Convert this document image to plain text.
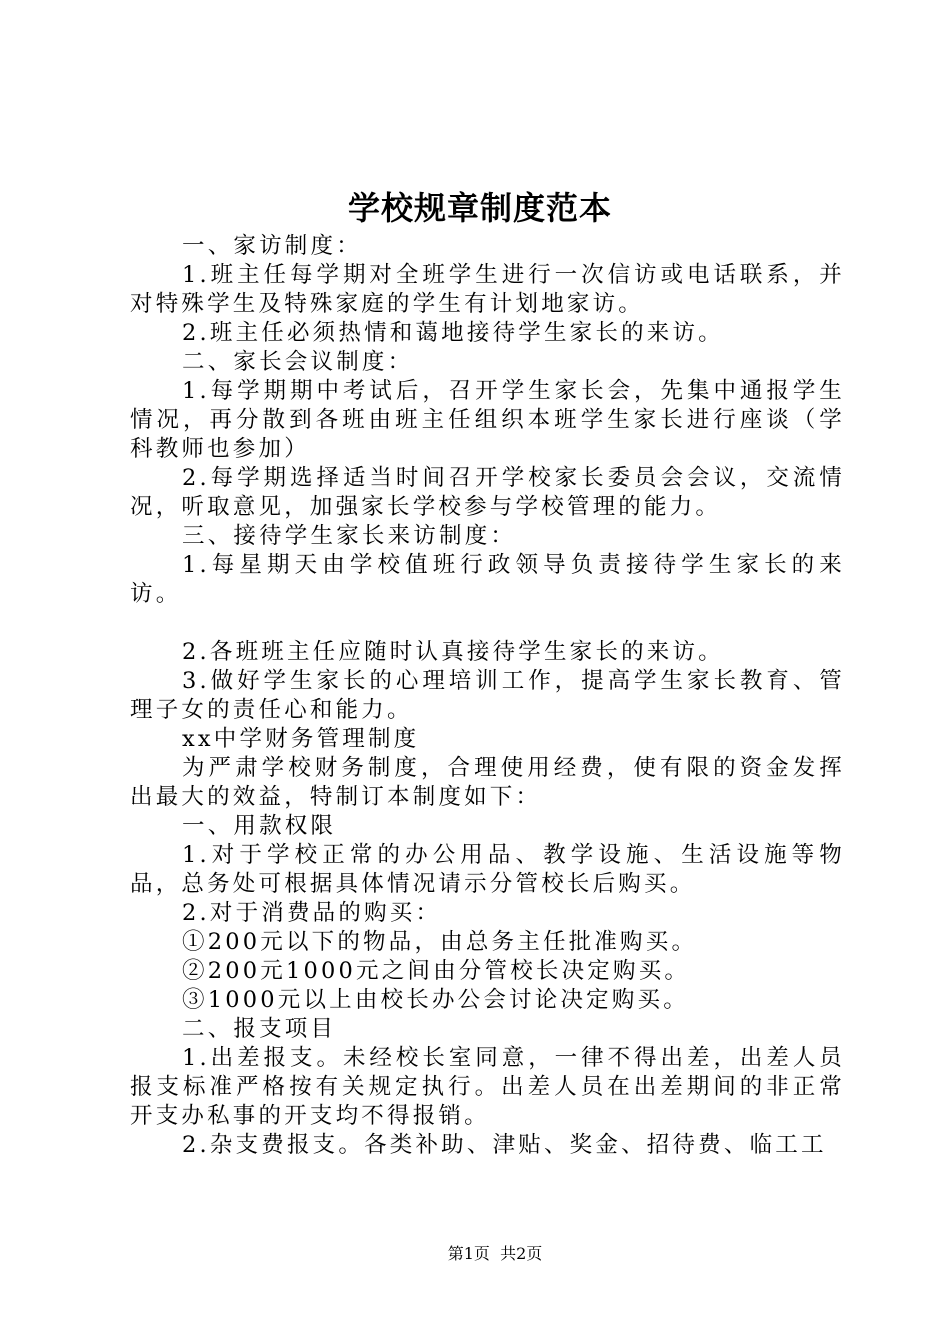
学校规章制度范本

一、家访制度：

1.班主任每学期对全班学生进行一次信访或电话联系，并对特殊学生及特殊家庭的学生有计划地家访。

2.班主任必须热情和蔼地接待学生家长的来访。

二、家长会议制度：

1.每学期期中考试后，召开学生家长会，先集中通报学生情况，再分散到各班由班主任组织本班学生家长进行座谈（学科教师也参加）

2.每学期选择适当时间召开学校家长委员会会议，交流情况，听取意见，加强家长学校参与学校管理的能力。

三、接待学生家长来访制度：

1.每星期天由学校值班行政领导负责接待学生家长的来访。

2.各班班主任应随时认真接待学生家长的来访。

3.做好学生家长的心理培训工作，提高学生家长教育、管理子女的责任心和能力。

xx中学财务管理制度

为严肃学校财务制度，合理使用经费，使有限的资金发挥出最大的效益，特制订本制度如下：

一、用款权限

1.对于学校正常的办公用品、教学设施、生活设施等物品，总务处可根据具体情况请示分管校长后购买。

2.对于消费品的购买：

①200元以下的物品，由总务主任批准购买。

②200元1000元之间由分管校长决定购买。

③1000元以上由校长办公会讨论决定购买。

二、报支项目

1.出差报支。未经校长室同意，一律不得出差，出差人员报支标准严格按有关规定执行。出差人员在出差期间的非正常开支办私事的开支均不得报销。

2.杂支费报支。各类补助、津贴、奖金、招待费、临工工

第1页 共2页
